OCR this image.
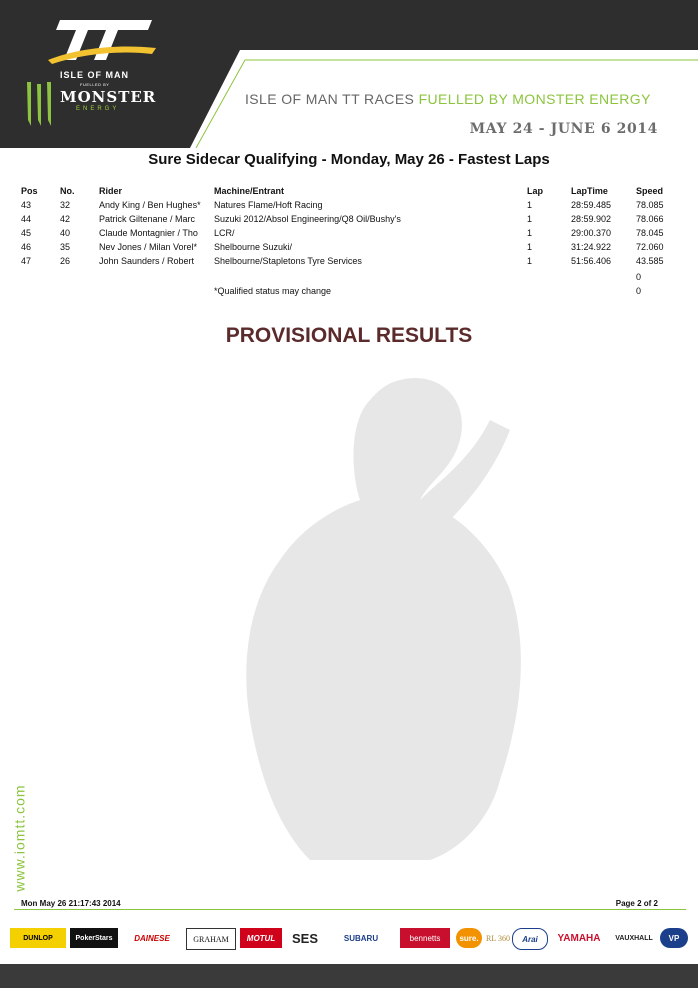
ISLE OF MAN
FUELLED BY
MONSTER
ENERGY
ISLE OF MAN TT RACES FUELLED BY MONSTER ENERGY
MAY 24 - JUNE 6 2014
Sure Sidecar Qualifying - Monday, May 26 - Fastest Laps
Pos No.	Rider	Machine/Entrant	Lap	LapTime	Speed
43	32	Andy King / Ben Hughes*	Natures Flame/Hoft Racing	1	28:59.485	78.085
44	42	Patrick Giltenane / Marc	Suzuki 2012/Absol Engineering/Q8 Oil/Bushy's	1	28:59.902	78.066
45	40	Claude Montagnier / Tho	LCR/	1	29:00.370	78.045
46	35	Nev Jones / Milan Vorel*	Shelbourne Suzuki/	1	31:24.922	72.060
47	26	John Saunders / Robert	Shelbourne/Stapletons Tyre Services	1	51:56.406	43.585
0
0
*Qualified status may change
PROVISIONAL RESULTS
www.iomtt.com
Mon May 26 21:17:43 2014	Page 2 of 2
DUNLOP	PokerStars	DAINESE	GRAHAM	MOTUL	SES	SUBARU	bennetts	sure. RL 360	Arai	YAMAHA	VAUXHALL	VP
